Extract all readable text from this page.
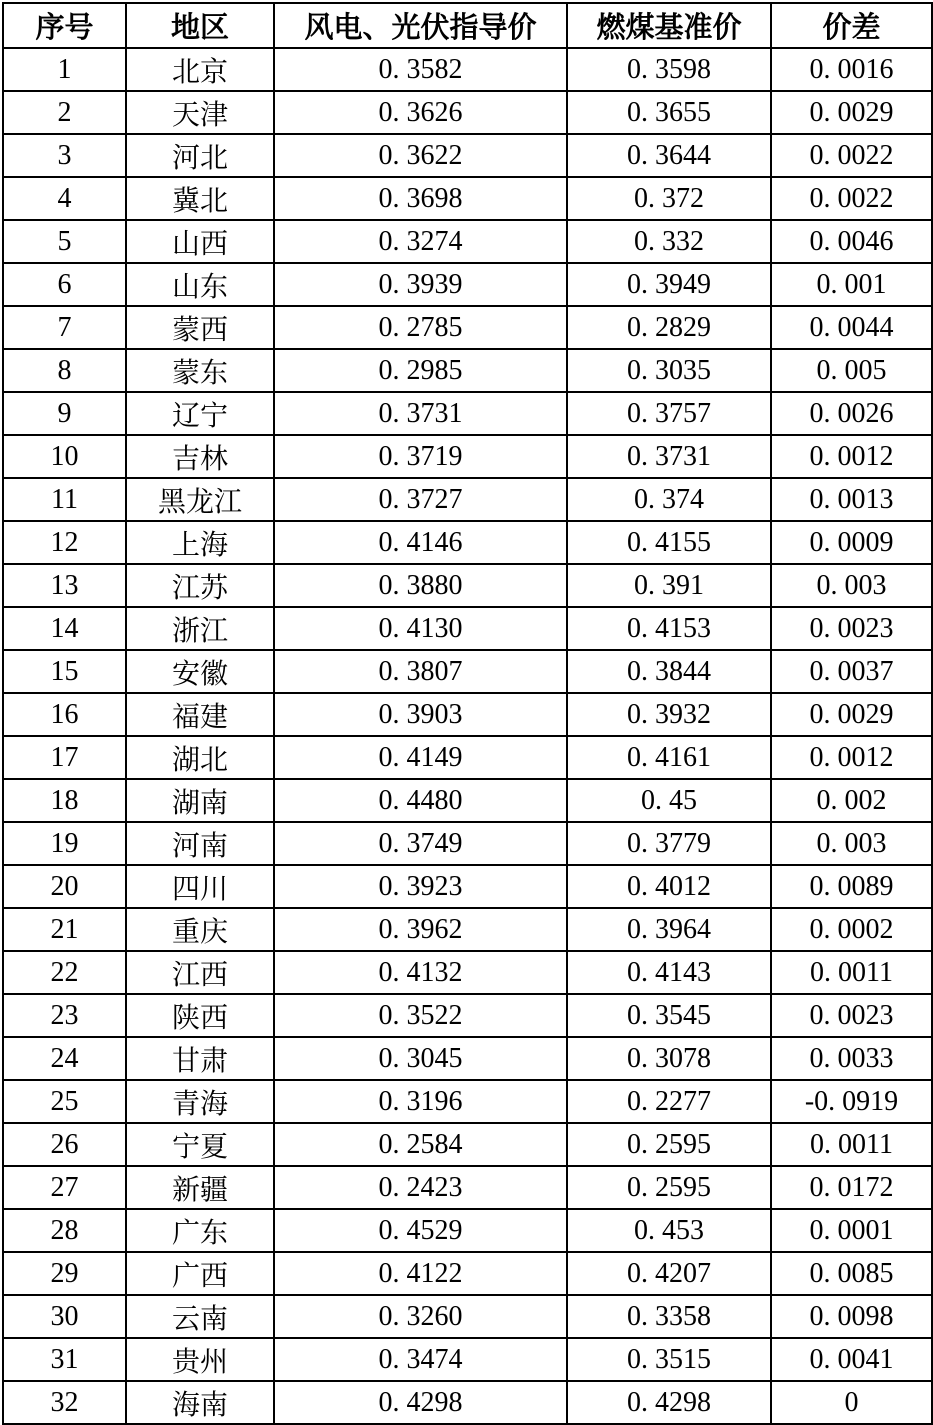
序号	地区	风电、光伏指导价	燃煤基准价	价差
1	北京	0. 3582	0. 3598	0. 0016
2	天津	0. 3626	0. 3655	0. 0029
3	河北	0. 3622	0. 3644	0. 0022
4	冀北	0. 3698	0. 372	0. 0022
5	山西	0. 3274	0. 332	0. 0046
6	山东	0. 3939	0. 3949	0. 001
7	蒙西	0. 2785	0. 2829	0. 0044
8	蒙东	0. 2985	0. 3035	0. 005
9	辽宁	0. 3731	0. 3757	0. 0026
10	吉林	0. 3719	0. 3731	0. 0012
11	黑龙江	0. 3727	0. 374	0. 0013
12	上海	0. 4146	0. 4155	0. 0009
13	江苏	0. 3880	0. 391	0. 003
14	浙江	0. 4130	0. 4153	0. 0023
15	安徽	0. 3807	0. 3844	0. 0037
16	福建	0. 3903	0. 3932	0. 0029
17	湖北	0. 4149	0. 4161	0. 0012
18	湖南	0. 4480	0. 45	0. 002
19	河南	0. 3749	0. 3779	0. 003
20	四川	0. 3923	0. 4012	0. 0089
21	重庆	0. 3962	0. 3964	0. 0002
22	江西	0. 4132	0. 4143	0. 0011
23	陕西	0. 3522	0. 3545	0. 0023
24	甘肃	0. 3045	0. 3078	0. 0033
25	青海	0. 3196	0. 2277	-0. 0919
26	宁夏	0. 2584	0. 2595	0. 0011
27	新疆	0. 2423	0. 2595	0. 0172
28	广东	0. 4529	0. 453	0. 0001
29	广西	0. 4122	0. 4207	0. 0085
30	云南	0. 3260	0. 3358	0. 0098
31	贵州	0. 3474	0. 3515	0. 0041
32	海南	0. 4298	0. 4298	0
